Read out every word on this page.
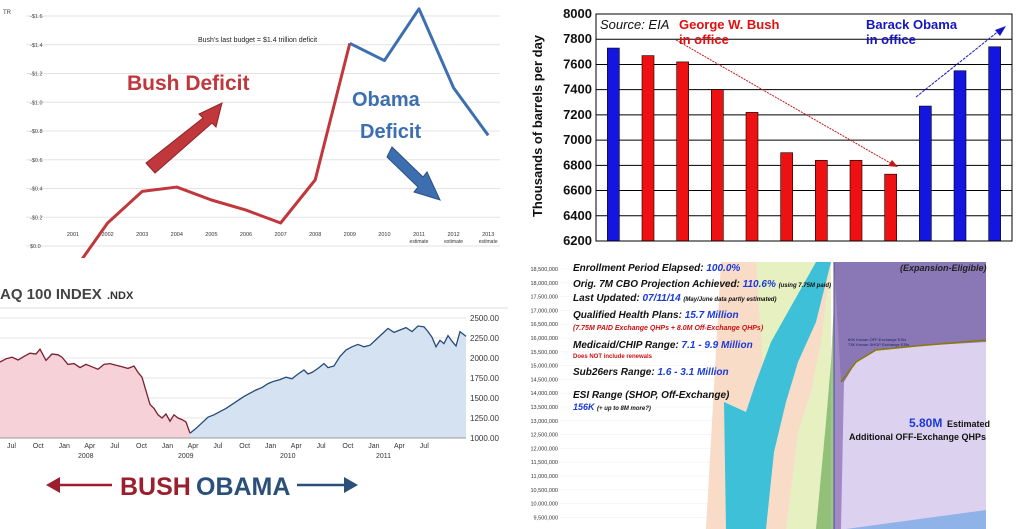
TR
-$1.6
-$1.4
-$1.2
-$1.0
-$0.8
-$0.6
-$0.4
-$0.2
$0.0
2001	2002	2003	2004	2005	2006	2007	2008	2009	2010	2011
estimate
2012
estimate
2013
estimate
Bush's last budget = $1.4 trillion deficit
Bush Deficit
Obama
Deficit	Thousands of barrels per day
6200
6400
6600
6800
7000
7200
7400
7600
7800
8000
Source: EIA George W. Bush
in office
Barack Obama
in office
AQ 100 INDEX .NDX
2500.00
2250.00
2000.00
1750.00
1500.00
1250.00
1000.00
Jul Oct Jan Apr Jul Oct Jan Apr Jul Oct Jan Apr Jul Oct Jan Apr Jul
2008	2009	2010	2011
BUSH OBAMA
18,500,000
18,000,000
17,500,000
17,000,000
16,500,000
16,000,000
15,500,000
15,000,000
14,500,000
14,000,000
13,500,000
13,000,000
12,500,000
12,000,000
11,500,000
11,000,000
10,500,000
10,000,000
9,500,000
Enrollment Period Elapsed: 100.0%
Orig. 7M CBO Projection Achieved: 110.6% (using 7.75M paid)
Last Updated: 07/11/14 (May/June data partly estimated)
Qualified Health Plans: 15.7 Million
(7.75M PAID Exchange QHPs + 8.0M Off-Exchange QHPs)
Medicaid/CHIP Range: 7.1 - 9.9 Million
Does NOT include renewals
Sub26ers Range: 1.6 - 3.1 Million
ESI Range (SHOP, Off-Exchange)
156K (+ up to 8M more?)
(Expansion-Eligible)
60K Known OFF-Exchange ESIs
73K Known SHOP Exchange ESIs
5.80M Estimated
Additional OFF-Exchange QHPs
